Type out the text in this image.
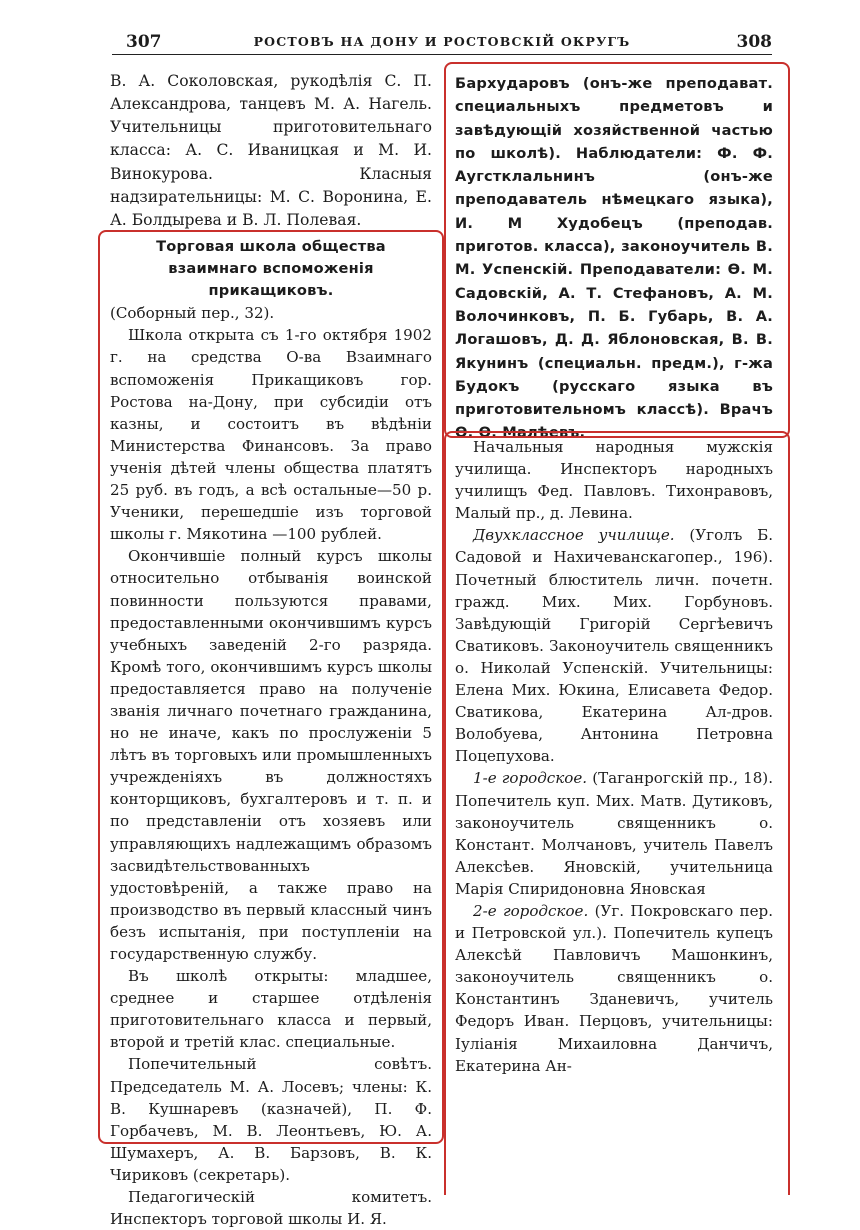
307	РОСТОВЪ НА ДОНУ И РОСТОВСКІЙ ОКРУГЪ	308

В. А. Соколовская, рукодѣлія С. П. Александрова, танцевъ М. А. Нагель. Учительницы приготовительнаго класса: А. С. Иваницкая и М. И. Винокурова. Класныя надзирательницы: М. С. Воронина, Е. А. Болдырева и В. Л. Полевая.

Торговая школа общества взаимнаго вспоможенія прикащиковъ.

(Соборный пер., 32).

Школа открыта съ 1-го октября 1902 г. на средства О-ва Взаимнаго вспоможенія Прикащиковъ гор. Ростова на-Дону, при субсидіи отъ казны, и состоитъ въ вѣдѣніи Министерства Финансовъ. За право ученія дѣтей члены общества платятъ 25 руб. въ годъ, а всѣ остальные—50 р. Ученики, перешедшіе изъ торговой школы г. Мякотина —100 рублей.

Окончившіе полный курсъ школы относительно отбыванія воинской повинности пользуются правами, предоставленными окончившимъ курсъ учебныхъ заведеній 2-го разряда. Кромѣ того, окончившимъ курсъ школы предоставляется право на полученіе званія личнаго почетнаго гражданина, но не иначе, какъ по прослуженіи 5 лѣтъ въ торговыхъ или промышленныхъ учрежденіяхъ въ должностяхъ конторщиковъ, бухгалтеровъ и т. п. и по представленіи отъ хозяевъ или управляющихъ надлежащимъ образомъ засвидѣтельствованныхъ удостовѣреній, а также право на производство въ первый классный чинъ безъ испытанія, при поступленіи на государственную службу.

Въ школѣ открыты: младшее, среднее и старшее отдѣленія приготовительнаго класса и первый, второй и третій клас. специальные.

Попечительный совѣтъ. Председатель М. А. Лосевъ; члены: К. В. Кушнаревъ (казначей), П. Ф. Горбачевъ, М. В. Леонтьевъ, Ю. А. Шумахеръ, А. В. Барзовъ, В. К. Чириковъ (секретарь).

Педагогическій комитетъ. Инспекторъ торговой школы И. Я.

Бархударовъ (онъ-же преподават. специальныхъ предметовъ и завѣдующій хозяйственной частью по школѣ). Наблюдатели: Ф. Ф. Аугстклальнинъ (онъ-же преподаватель нѣмецкаго языка), И. М Худобецъ (преподав. приготов. класса), законоучитель В. М. Успенскій. Преподаватели: Ѳ. М. Садовскій, А. Т. Стефановъ, А. М. Волочинковъ, П. Б. Губарь, В. А. Логашовъ, Д. Д. Яблоновская, В. В. Якунинъ (специальн. предм.), г-жа Будокъ (русскаго языка въ приготовительномъ классѣ). Врачъ Ѳ. Ѳ. Малѣевъ.

Начальныя народныя мужскія училища. Инспекторъ народныхъ училищъ Фед. Павловъ. Тихонравовъ, Малый пр., д. Левина.

Двухклассное училище. (Уголъ Б. Садовой и Нахичеванскагопер., 196). Почетный блюститель личн. почетн. гражд. Мих. Мих. Горбуновъ. Завѣдующій Григорій Сергѣевичъ Сватиковъ. Законоучитель священникъ о. Николай Успенскій. Учительницы: Елена Мих. Юкина, Елисавета Федор. Сватикова, Екатерина Ал-дров. Волобуева, Антонина Петровна Поцепухова.

1-е городское. (Таганрогскій пр., 18). Попечитель куп. Мих. Матв. Дутиковъ, законоучитель священникъ о. Констант. Молчановъ, учитель Павелъ Алексѣев. Яновскій, учительница Марія Спиридоновна Яновская

2-е городское. (Уг. Покровскаго пер. и Петровской ул.). Попечитель купецъ Алексѣй Павловичъ Машонкинъ, законоучитель священникъ о. Константинъ Зданевичъ, учитель Федоръ Иван. Перцовъ, учительницы: Іуліанія Михаиловна Данчичъ, Екатерина Ан-
